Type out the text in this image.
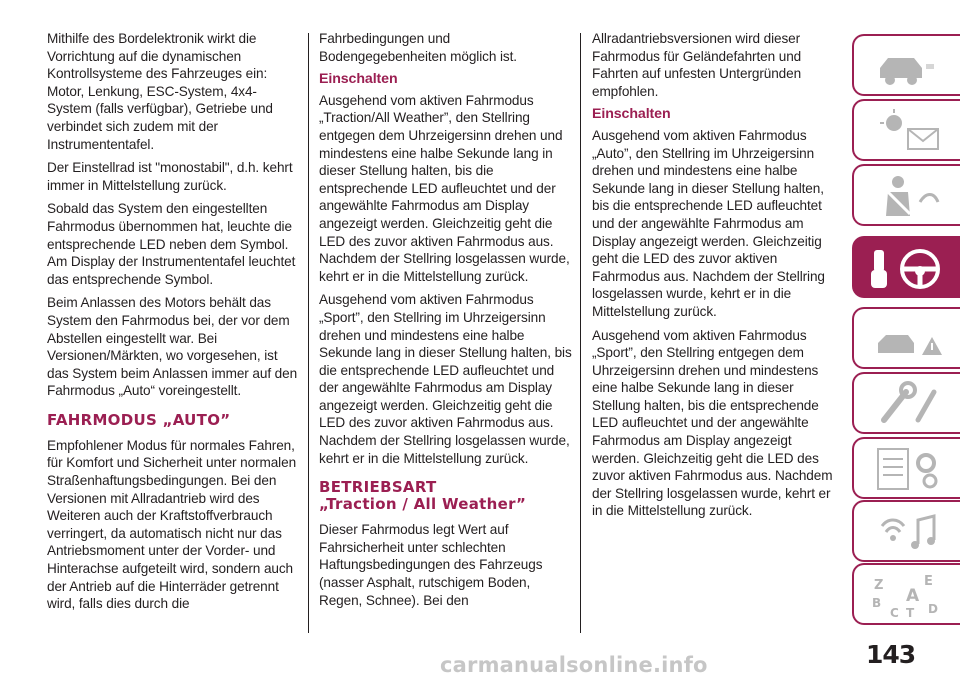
Mithilfe des Bordelektronik wirkt die Vorrichtung auf die dynamischen Kontrollsysteme des Fahrzeuges ein: Motor, Lenkung, ESC-System, 4x4-System (falls verfügbar), Getriebe und verbindet sich zudem mit der Instrumententafel.

Der Einstellrad ist "monostabil", d.h. kehrt immer in Mittelstellung zurück.

Sobald das System den eingestellten Fahrmodus übernommen hat, leuchte die entsprechende LED neben dem Symbol. Am Display der Instrumententafel leuchtet das entsprechende Symbol.

Beim Anlassen des Motors behält das System den Fahrmodus bei, der vor dem Abstellen eingestellt war. Bei Versionen/Märkten, wo vorgesehen, ist das System beim Anlassen immer auf den Fahrmodus „Auto“ voreingestellt.

FAHRMODUS „AUTO”

Empfohlener Modus für normales Fahren, für Komfort und Sicherheit unter normalen Straßenhaftungsbedingungen. Bei den Versionen mit Allradantrieb wird des Weiteren auch der Kraftstoffverbrauch verringert, da automatisch nicht nur das Antriebsmoment unter der Vorder- und Hinterachse aufgeteilt wird, sondern auch der Antrieb auf die Hinterräder getrennt wird, falls dies durch die

Fahrbedingungen und Bodengegebenheiten möglich ist.

Einschalten

Ausgehend vom aktiven Fahrmodus „Traction/All Weather”, den Stellring entgegen dem Uhrzeigersinn drehen und mindestens eine halbe Sekunde lang in dieser Stellung halten, bis die entsprechende LED aufleuchtet und der angewählte Fahrmodus am Display angezeigt werden. Gleichzeitig geht die LED des zuvor aktiven Fahrmodus aus. Nachdem der Stellring losgelassen wurde, kehrt er in die Mittelstellung zurück.

Ausgehend vom aktiven Fahrmodus „Sport”, den Stellring im Uhrzeigersinn drehen und mindestens eine halbe Sekunde lang in dieser Stellung halten, bis die entsprechende LED aufleuchtet und der angewählte Fahrmodus am Display angezeigt werden. Gleichzeitig geht die LED des zuvor aktiven Fahrmodus aus. Nachdem der Stellring losgelassen wurde, kehrt er in die Mittelstellung zurück.

BETRIEBSART
„Traction / All Weather”

Dieser Fahrmodus legt Wert auf Fahrsicherheit unter schlechten Haftungsbedingungen des Fahrzeugs (nasser Asphalt, rutschigem Boden, Regen, Schnee). Bei den

Allradantriebsversionen wird dieser Fahrmodus für Geländefahrten und Fahrten auf unfesten Untergründen empfohlen.

Einschalten

Ausgehend vom aktiven Fahrmodus „Auto”, den Stellring im Uhrzeigersinn drehen und mindestens eine halbe Sekunde lang in dieser Stellung halten, bis die entsprechende LED aufleuchtet und der angewählte Fahrmodus am Display angezeigt werden. Gleichzeitig geht die LED des zuvor aktiven Fahrmodus aus. Nachdem der Stellring losgelassen wurde, kehrt er in die Mittelstellung zurück.

Ausgehend vom aktiven Fahrmodus „Sport”, den Stellring entgegen dem Uhrzeigersinn drehen und mindestens eine halbe Sekunde lang in dieser Stellung halten, bis die entsprechende LED aufleuchtet und der angewählte Fahrmodus am Display angezeigt werden. Gleichzeitig geht die LED des zuvor aktiven Fahrmodus aus. Nachdem der Stellring losgelassen wurde, kehrt er in die Mittelstellung zurück.

Z	E
A
B
C T D
143
carmanualsonline.info
